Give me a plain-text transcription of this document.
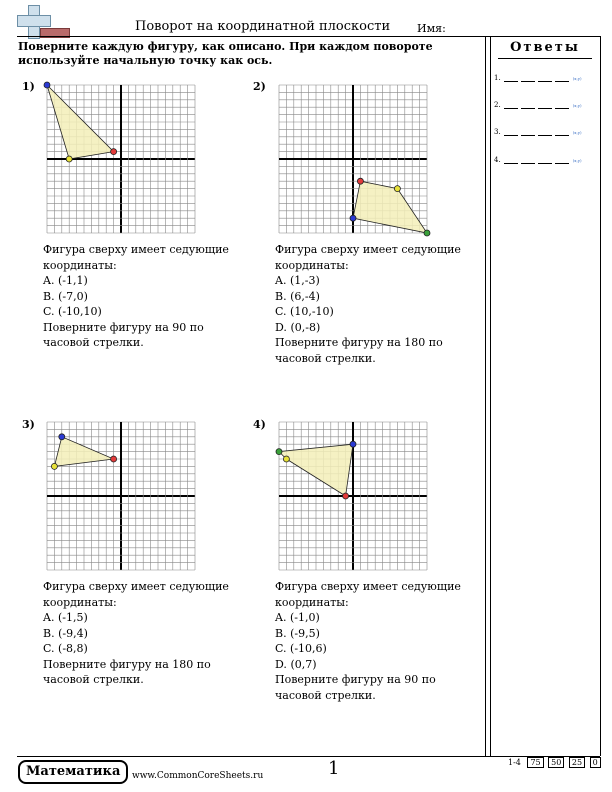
Поворот на координатной плоскости Имя:
Поверните каждую фигуру, как описано. При каждом повороте используйте начальную точку как ось.
Ответы
1.	(x,y)
2.	(x,y)
3.	(x,y)
4.	(x,y)
1)
Фигура сверху имеет седующие координаты:
A. (-1,1)
B. (-7,0)
C. (-10,10)
Поверните фигуру на 90 по часовой стрелки.
2)
Фигура сверху имеет седующие координаты:
A. (1,-3)
B. (6,-4)
C. (10,-10)
D. (0,-8)
Поверните фигуру на 180 по часовой стрелки.
3)
Фигура сверху имеет седующие координаты:
A. (-1,5)
B. (-9,4)
C. (-8,8)
Поверните фигуру на 180 по часовой стрелки.
4)
Фигура сверху имеет седующие координаты:
A. (-1,0)
B. (-9,5)
C. (-10,6)
D. (0,7)
Поверните фигуру на 90 по часовой стрелки.
Математика	www.CommonCoreSheets.ru	1	1-4 75 50 25 0
